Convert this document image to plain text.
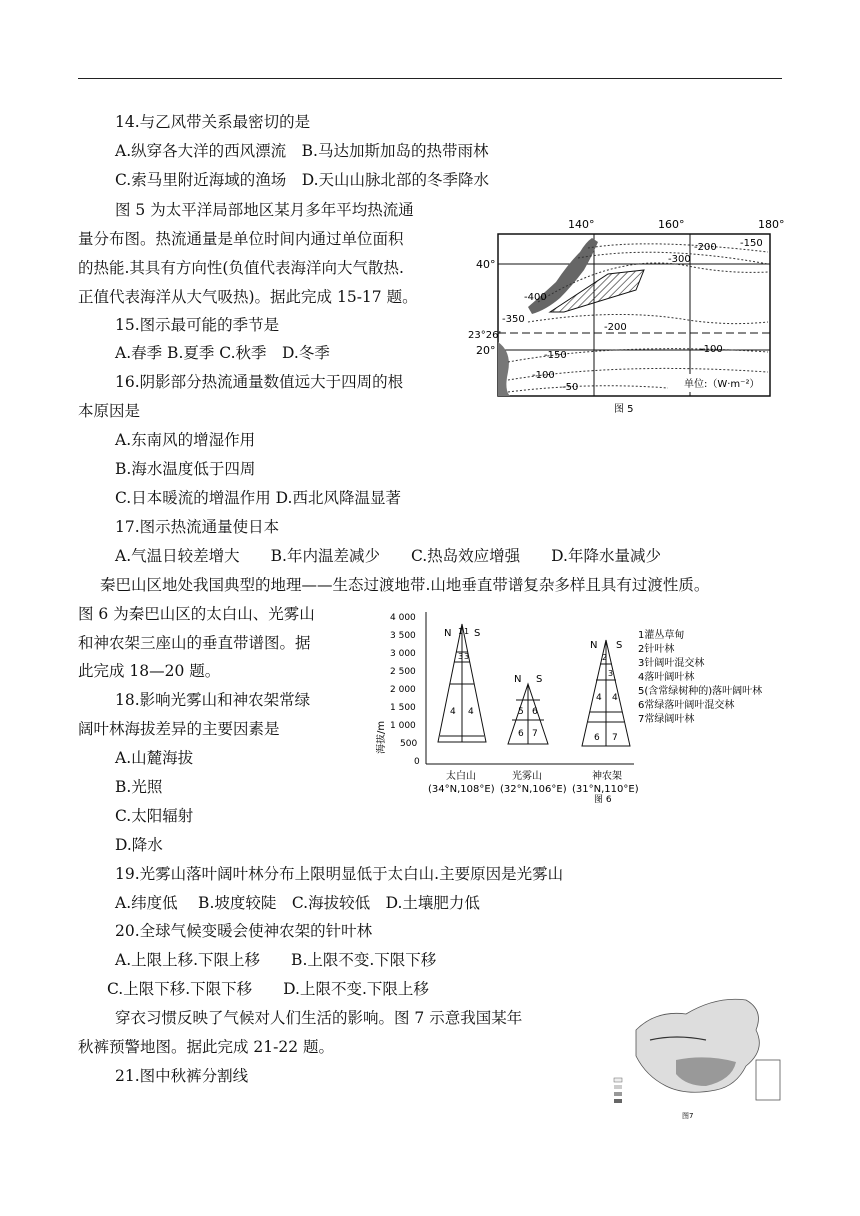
14.与乙风带关系最密切的是
A.纵穿各大洋的西风漂流　B.马达加斯加岛的热带雨林
C.索马里附近海域的渔场　D.天山山脉北部的冬季降水
图 5 为太平洋局部地区某月多年平均热流通
量分布图。热流通量是单位时间内通过单位面积
的热能.其具有方向性(负值代表海洋向大气散热.
正值代表海洋从大气吸热)。据此完成 15-17 题。
15.图示最可能的季节是
A.春季 B.夏季 C.秋季　D.冬季
16.阴影部分热流通量数值远大于四周的根
本原因是
A.东南风的增湿作用
B.海水温度低于四周
C.日本暖流的增温作用 D.西北风降温显著
17.图示热流通量使日本
A.气温日较差增大　　B.年内温差减少　　C.热岛效应增强　　D.年降水量减少
秦巴山区地处我国典型的地理——生态过渡地带.山地垂直带谱复杂多样且具有过渡性质。
图 6 为秦巴山区的太白山、光雾山
和神农架三座山的垂直带谱图。据
此完成 18—20 题。
18.影响光雾山和神农架常绿
阔叶林海拔差异的主要因素是
A.山麓海拔
B.光照
C.太阳辐射
D.降水
19.光雾山落叶阔叶林分布上限明显低于太白山.主要原因是光雾山
A.纬度低　 B.坡度较陡　C.海拔较低　D.土壤肥力低
20.全球气候变暖会使神农架的针叶林
A.上限上移.下限上移　　B.上限不变.下限下移
C.上限下移.下限下移　　D.上限不变.下限上移
穿衣习惯反映了气候对人们生活的影响。图 7 示意我国某年
秋裤预警地图。据此完成 21-22 题。
21.图中秋裤分割线
140°	160°	180°
40°
23°26'
20°
-200 -150
-300
-400
-350
-200
-150
-100
-100
-50	单位:（W·m⁻²）
图 5
海拔/m
4 000
3 500
3 000
2 500
2 000
1 500
1 000
500
0
N S
1 1
3 3
4 4
N S
5 6
6 7
N S
2
3
4 4
6 7
太白山
(34°N,108°E)
光雾山
(32°N,106°E)
神农架
(31°N,110°E)
1灌丛草甸
2针叶林
3针阔叶混交林
4落叶阔叶林
5(含常绿树种的)落叶阔叶林
6常绿落叶阔叶混交林
7常绿阔叶林
图 6
图7
